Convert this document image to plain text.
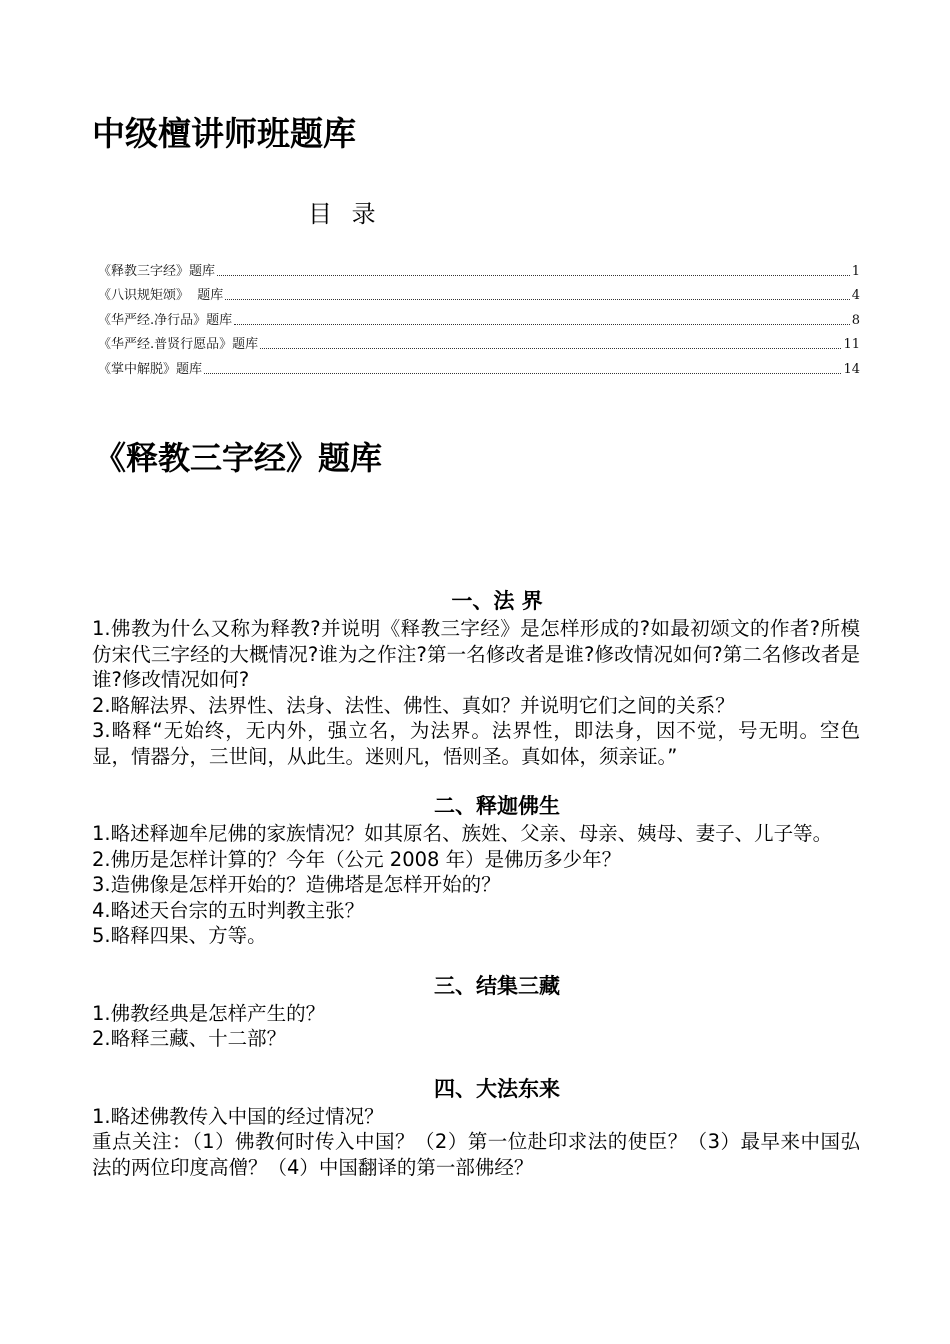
中级檀讲师班题库
目 录
《释教三字经》题库	1
《八识规矩颂》  题库	4
《华严经.净行品》题库	8
《华严经.普贤行愿品》题库	11
《掌中解脱》题库	14
《释教三字经》题库
一、法 界
1.佛教为什么又称为释教?并说明《释教三字经》是怎样形成的?如最初颂文的作者?所模仿宋代三字经的大概情况?谁为之作注?第一名修改者是谁?修改情况如何?第二名修改者是谁?修改情况如何?
2.略解法界、法界性、法身、法性、佛性、真如？并说明它们之间的关系？
3.略释“无始终，无内外，强立名，为法界。法界性，即法身，因不觉，号无明。空色显，情器分，三世间，从此生。迷则凡，悟则圣。真如体，须亲证。”
二、释迦佛生
1.略述释迦牟尼佛的家族情况？如其原名、族姓、父亲、母亲、姨母、妻子、儿子等。
2.佛历是怎样计算的？今年（公元 2008 年）是佛历多少年？
3.造佛像是怎样开始的？造佛塔是怎样开始的？
4.略述天台宗的五时判教主张？
5.略释四果、方等。
三、结集三藏
1.佛教经典是怎样产生的？
2.略释三藏、十二部？
四、大法东来
1.略述佛教传入中国的经过情况？
重点关注：（1）佛教何时传入中国？（2）第一位赴印求法的使臣？（3）最早来中国弘法的两位印度高僧？（4）中国翻译的第一部佛经？
